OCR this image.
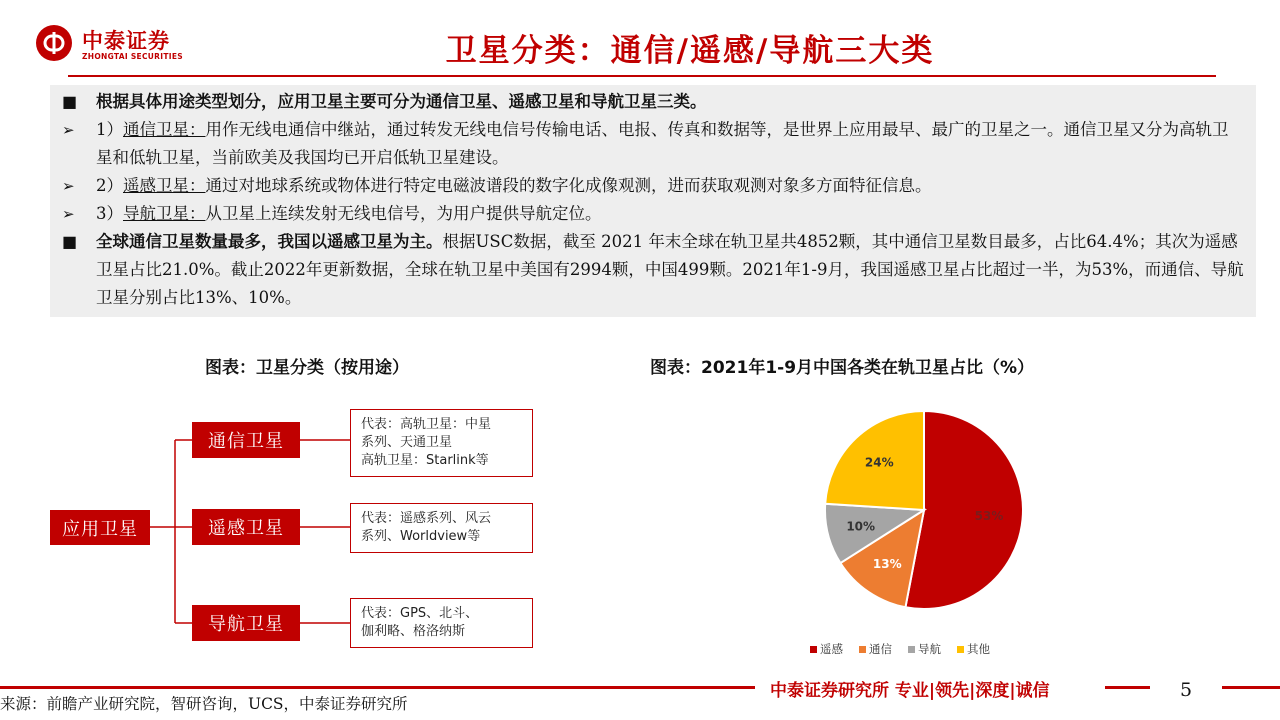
中泰证券
ZHONGTAI SECURITIES	卫星分类：通信/遥感/导航三大类
■	根据具体用途类型划分，应用卫星主要可分为通信卫星、遥感卫星和导航卫星三类。
➢	1）通信卫星：用作无线电通信中继站，通过转发无线电信号传输电话、电报、传真和数据等，是世界上应用最早、最广的卫星之一。通信卫星又分为高轨卫星和低轨卫星，当前欧美及我国均已开启低轨卫星建设。
➢	2）遥感卫星：通过对地球系统或物体进行特定电磁波谱段的数字化成像观测，进而获取观测对象多方面特征信息。
➢	3）导航卫星：从卫星上连续发射无线电信号，为用户提供导航定位。
■	全球通信卫星数量最多，我国以遥感卫星为主。根据USC数据，截至 2021 年末全球在轨卫星共4852颗，其中通信卫星数目最多，占比64.4%；其次为遥感卫星占比21.0%。截止2022年更新数据，全球在轨卫星中美国有2994颗，中国499颗。2021年1-9月，我国遥感卫星占比超过一半，为53%，而通信、导航卫星分别占比13%、10%。
图表：卫星分类（按用途）	图表：2021年1-9月中国各类在轨卫星占比（%）
应用卫星
通信卫星
代表：高轨卫星：中星
系列、天通卫星
高轨卫星：Starlink等
遥感卫星	代表：遥感系列、风云
系列、Worldview等
导航卫星
代表：GPS、北斗、
伽利略、格洛纳斯
53%
13%
10%
24%
遥感 通信 导航 其他
来源：前瞻产业研究院，智研咨询，UCS，中泰证券研究所
中泰证券研究所 专业|领先|深度|诚信	5
